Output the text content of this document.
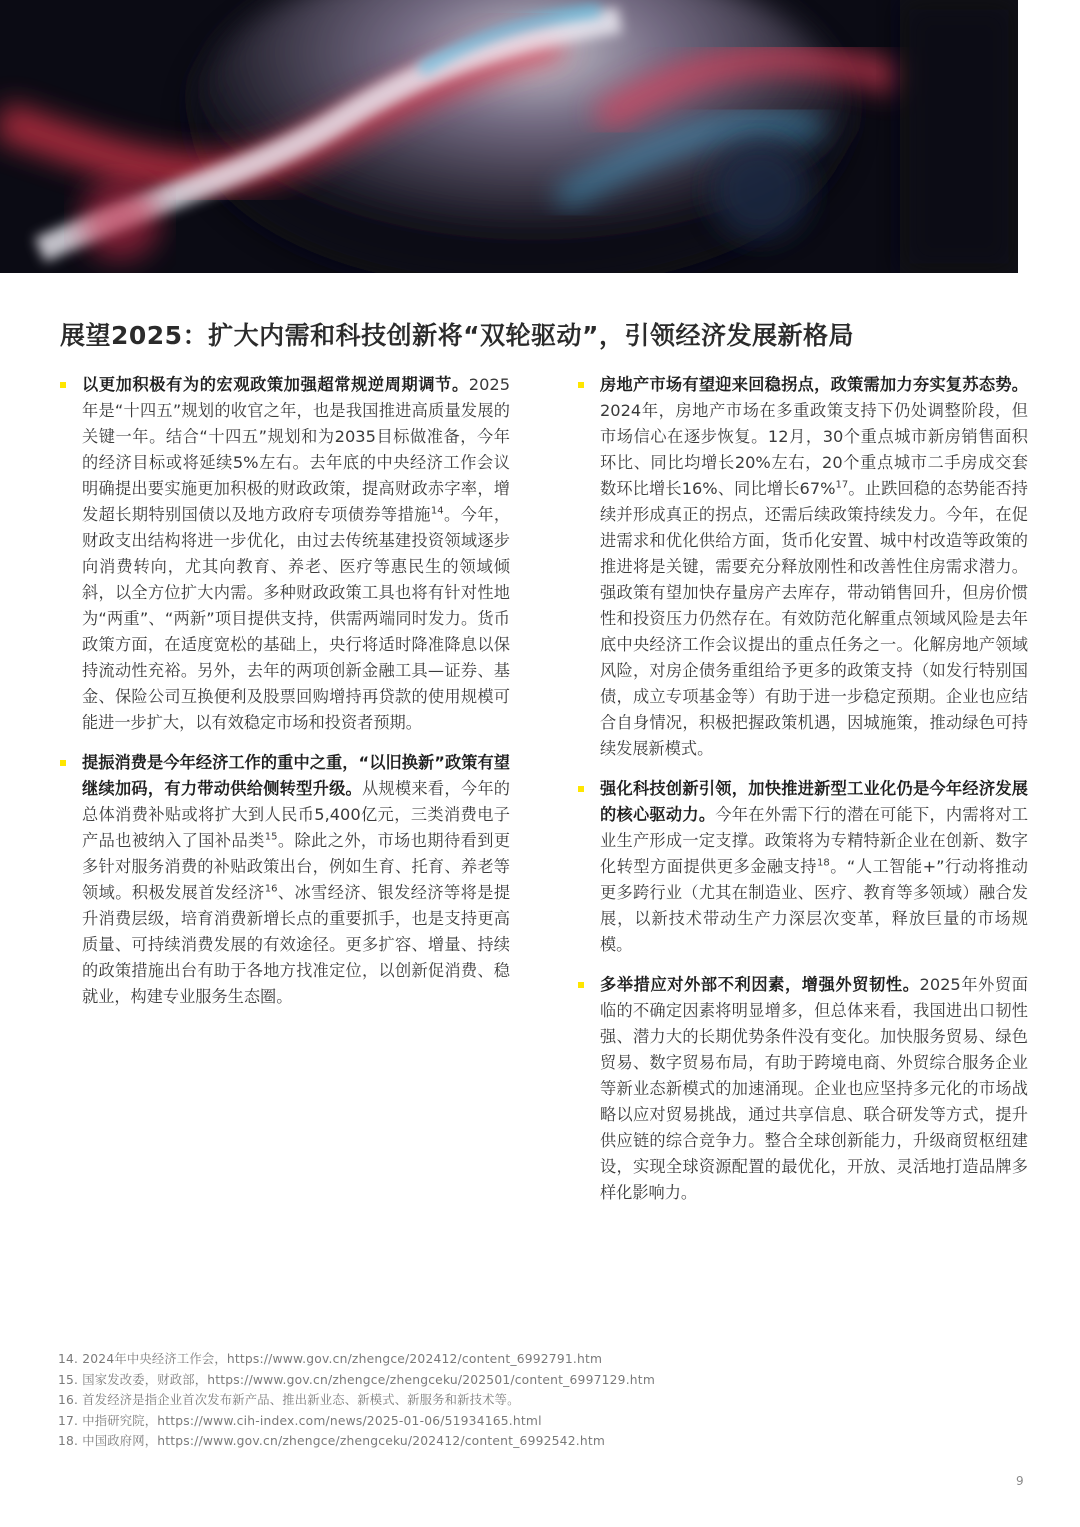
展望2025：扩大内需和科技创新将“双轮驱动”，引领经济发展新格局
以更加积极有为的宏观政策加强超常规逆周期调节。2025年是“十四五”规划的收官之年，也是我国推进高质量发展的关键一年。结合“十四五”规划和为2035目标做准备，今年的经济目标或将延续5%左右。去年底的中央经济工作会议明确提出要实施更加积极的财政政策，提高财政赤字率，增发超长期特别国债以及地方政府专项债券等措施$^{14}$。今年，财政支出结构将进一步优化，由过去传统基建投资领域逐步向消费转向，尤其向教育、养老、医疗等惠民生的领域倾斜，以全方位扩大内需。多种财政政策工具也将有针对性地为“两重”、“两新”项目提供支持，供需两端同时发力。货币政策方面，在适度宽松的基础上，央行将适时降准降息以保持流动性充裕。另外，去年的两项创新金融工具—证券、基金、保险公司互换便利及股票回购增持再贷款的使用规模可能进一步扩大，以有效稳定市场和投资者预期。
提振消费是今年经济工作的重中之重，“以旧换新”政策有望继续加码，有力带动供给侧转型升级。从规模来看，今年的总体消费补贴或将扩大到人民币5,400亿元，三类消费电子产品也被纳入了国补品类$^{15}$。除此之外，市场也期待看到更多针对服务消费的补贴政策出台，例如生育、托育、养老等领域。积极发展首发经济$^{16}$、冰雪经济、银发经济等将是提升消费层级，培育消费新增长点的重要抓手，也是支持更高质量、可持续消费发展的有效途径。更多扩容、增量、持续的政策措施出台有助于各地方找准定位，以创新促消费、稳就业，构建专业服务生态圈。
房地产市场有望迎来回稳拐点，政策需加力夯实复苏态势。2024年，房地产市场在多重政策支持下仍处调整阶段，但市场信心在逐步恢复。12月，30个重点城市新房销售面积环比、同比均增长20%左右，20个重点城市二手房成交套数环比增长16%、同比增长67%$^{17}$。止跌回稳的态势能否持续并形成真正的拐点，还需后续政策持续发力。今年，在促进需求和优化供给方面，货币化安置、城中村改造等政策的推进将是关键，需要充分释放刚性和改善性住房需求潜力。强政策有望加快存量房产去库存，带动销售回升，但房价惯性和投资压力仍然存在。有效防范化解重点领域风险是去年底中央经济工作会议提出的重点任务之一。化解房地产领域风险，对房企债务重组给予更多的政策支持（如发行特别国债，成立专项基金等）有助于进一步稳定预期。企业也应结合自身情况，积极把握政策机遇，因城施策，推动绿色可持续发展新模式。
强化科技创新引领，加快推进新型工业化仍是今年经济发展的核心驱动力。今年在外需下行的潜在可能下，内需将对工业生产形成一定支撑。政策将为专精特新企业在创新、数字化转型方面提供更多金融支持$^{18}$。“人工智能+”行动将推动更多跨行业（尤其在制造业、医疗、教育等多领域）融合发展，以新技术带动生产力深层次变革，释放巨量的市场规模。
多举措应对外部不利因素，增强外贸韧性。2025年外贸面临的不确定因素将明显增多，但总体来看，我国进出口韧性强、潜力大的长期优势条件没有变化。加快服务贸易、绿色贸易、数字贸易布局，有助于跨境电商、外贸综合服务企业等新业态新模式的加速涌现。企业也应坚持多元化的市场战略以应对贸易挑战，通过共享信息、联合研发等方式，提升供应链的综合竞争力。整合全球创新能力，升级商贸枢纽建设，实现全球资源配置的最优化，开放、灵活地打造品牌多样化影响力。
14. 2024年中央经济工作会，https://www.gov.cn/zhengce/202412/content_6992791.htm
15. 国家发改委，财政部，https://www.gov.cn/zhengce/zhengceku/202501/content_6997129.htm
16. 首发经济是指企业首次发布新产品、推出新业态、新模式、新服务和新技术等。
17. 中指研究院，https://www.cih-index.com/news/2025-01-06/51934165.html
18. 中国政府网，https://www.gov.cn/zhengce/zhengceku/202412/content_6992542.htm
9
